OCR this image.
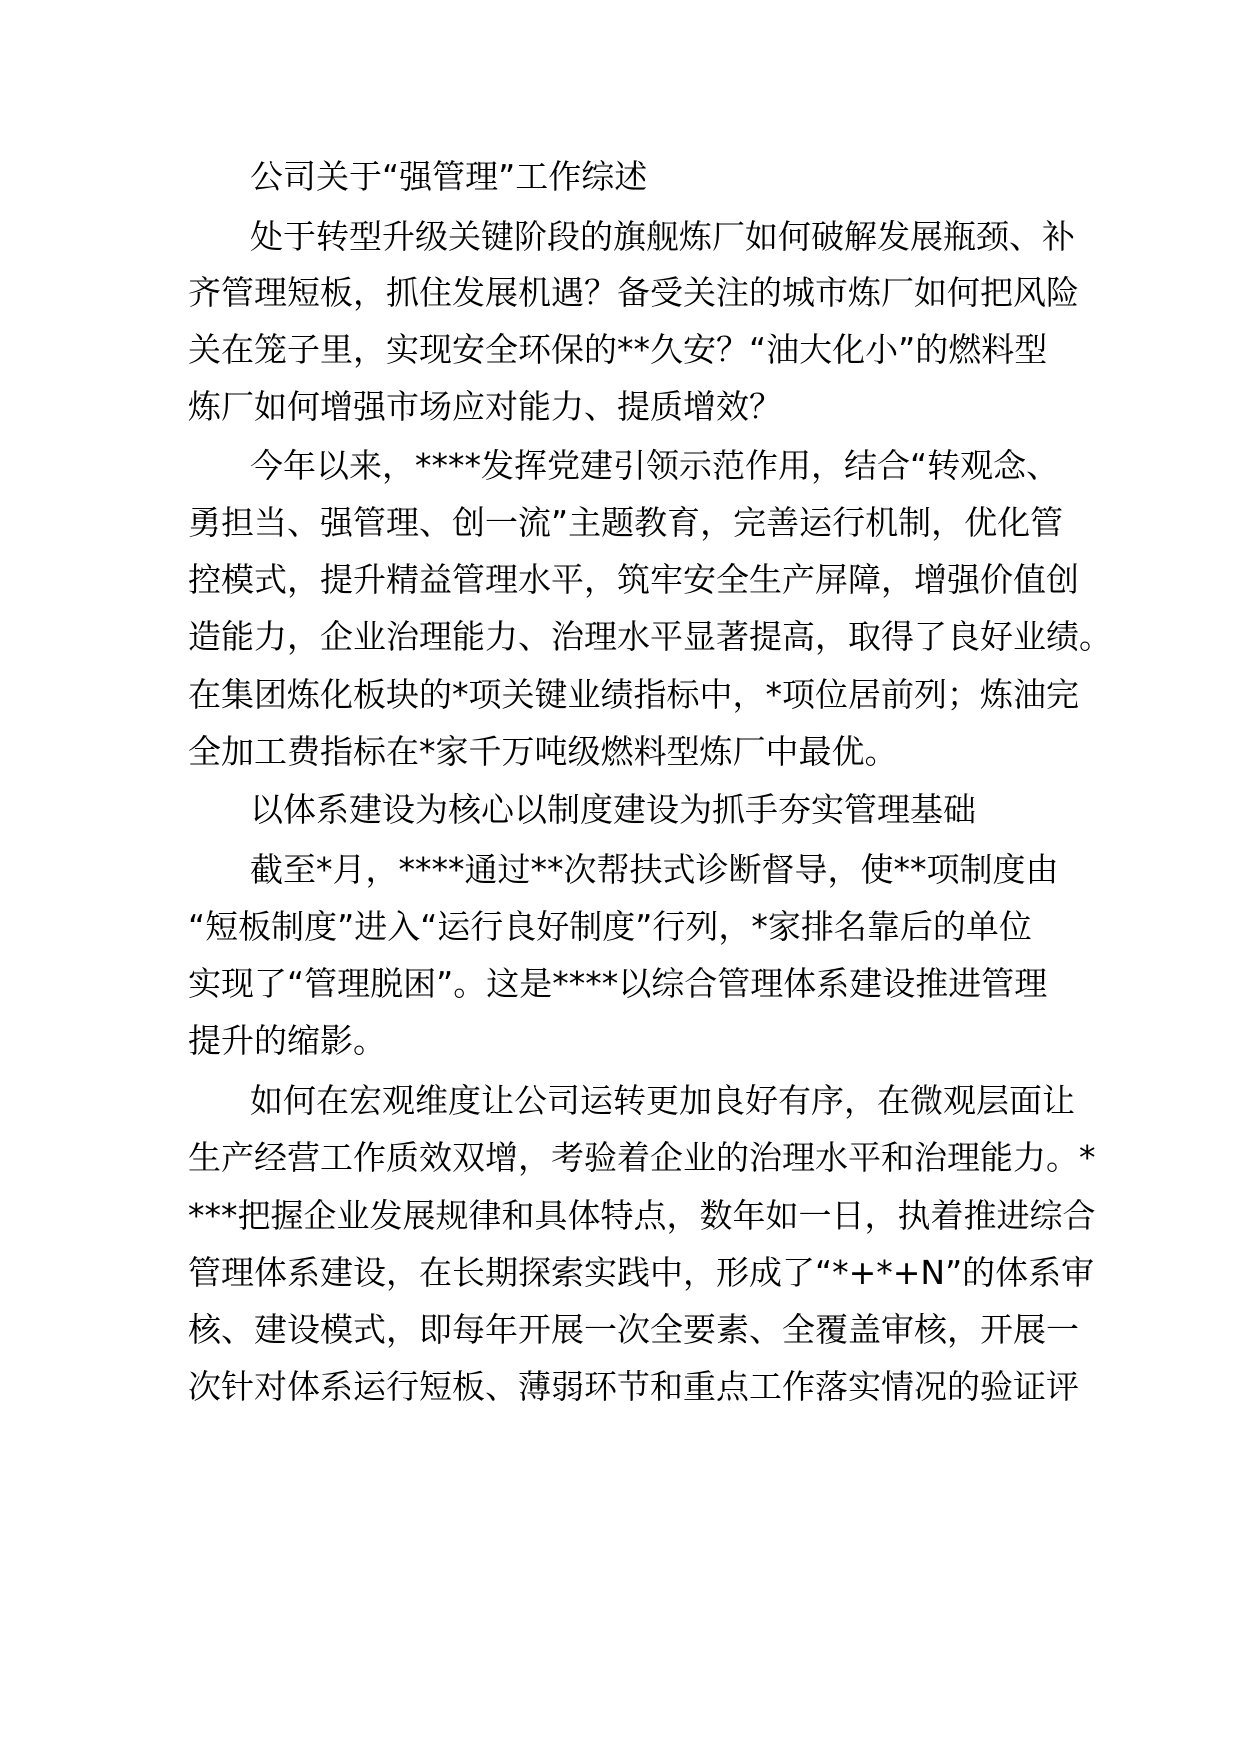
公司关于“强管理”工作综述
处于转型升级关键阶段的旗舰炼厂如何破解发展瓶颈、补
齐管理短板，抓住发展机遇？备受关注的城市炼厂如何把风险
关在笼子里，实现安全环保的**久安？“油大化小”的燃料型
炼厂如何增强市场应对能力、提质增效？
今年以来，****发挥党建引领示范作用，结合“转观念、
勇担当、强管理、创一流”主题教育，完善运行机制，优化管
控模式，提升精益管理水平，筑牢安全生产屏障，增强价值创
造能力，企业治理能力、治理水平显著提高，取得了良好业绩。
在集团炼化板块的*项关键业绩指标中，*项位居前列；炼油完
全加工费指标在*家千万吨级燃料型炼厂中最优。
以体系建设为核心以制度建设为抓手夯实管理基础
截至*月，****通过**次帮扶式诊断督导，使**项制度由
“短板制度”进入“运行良好制度”行列，*家排名靠后的单位
实现了“管理脱困”。这是****以综合管理体系建设推进管理
提升的缩影。
如何在宏观维度让公司运转更加良好有序，在微观层面让
生产经营工作质效双增，考验着企业的治理水平和治理能力。*
***把握企业发展规律和具体特点，数年如一日，执着推进综合
管理体系建设，在长期探索实践中，形成了“*+*+N”的体系审
核、建设模式，即每年开展一次全要素、全覆盖审核，开展一
次针对体系运行短板、薄弱环节和重点工作落实情况的验证评
